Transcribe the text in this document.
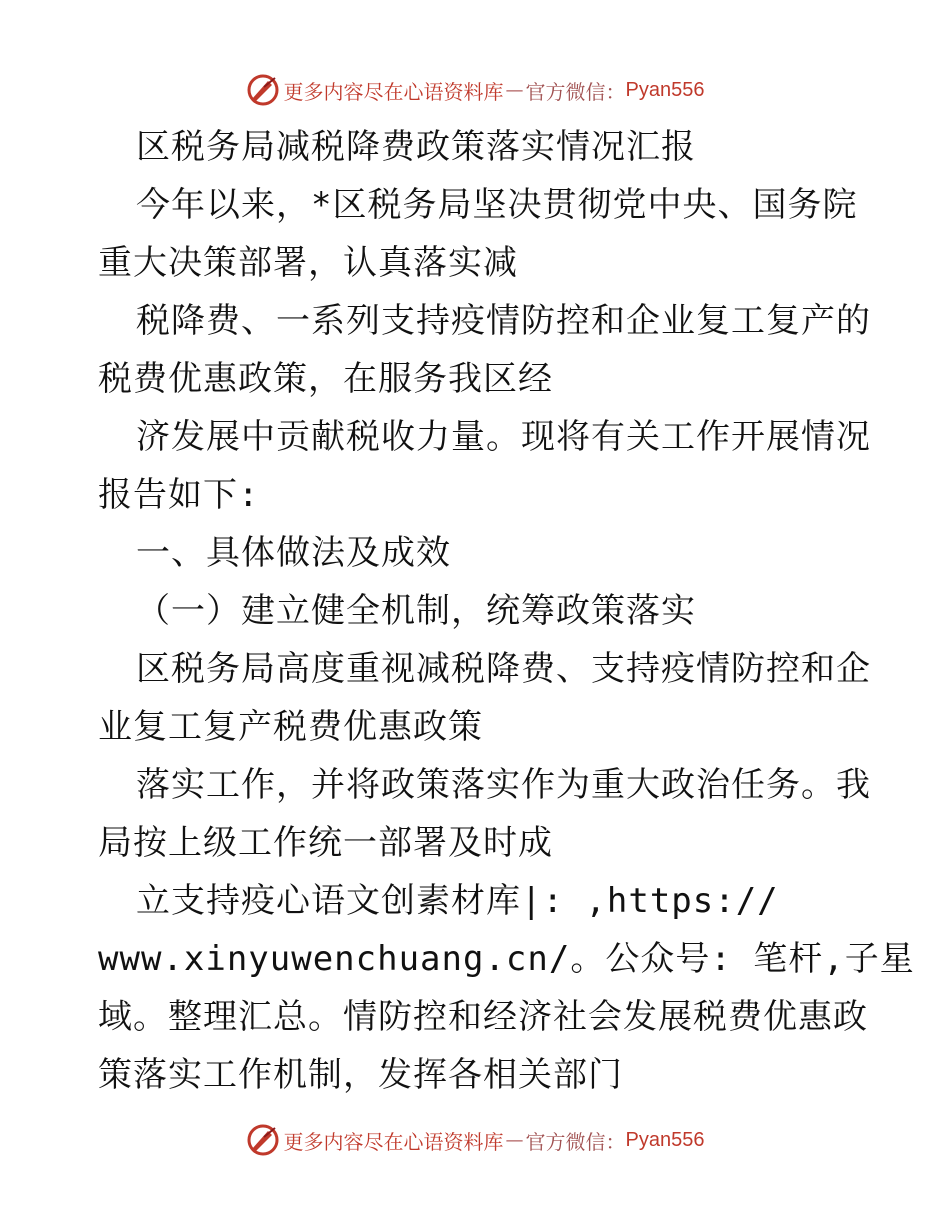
更多内容尽在心语资料库 — 官方微信： Pyan556
区税务局减税降费政策落实情况汇报
今年以来，*区税务局坚决贯彻党中央、国务院
重大决策部署，认真落实减
税降费、一系列支持疫情防控和企业复工复产的
税费优惠政策，在服务我区经
济发展中贡献税收力量。现将有关工作开展情况
报告如下:
一、具体做法及成效
（一）建立健全机制，统筹政策落实
区税务局高度重视减税降费、支持疫情防控和企
业复工复产税费优惠政策
落实工作，并将政策落实作为重大政治任务。我
局按上级工作统一部署及时成
立支持疫心语文创素材库|: ,https://
www.xinyuwenchuang.cn/。公众号: 笔杆,子星
域。整理汇总。情防控和经济社会发展税费优惠政
策落实工作机制，发挥各相关部门
更多内容尽在心语资料库 — 官方微信： Pyan556
